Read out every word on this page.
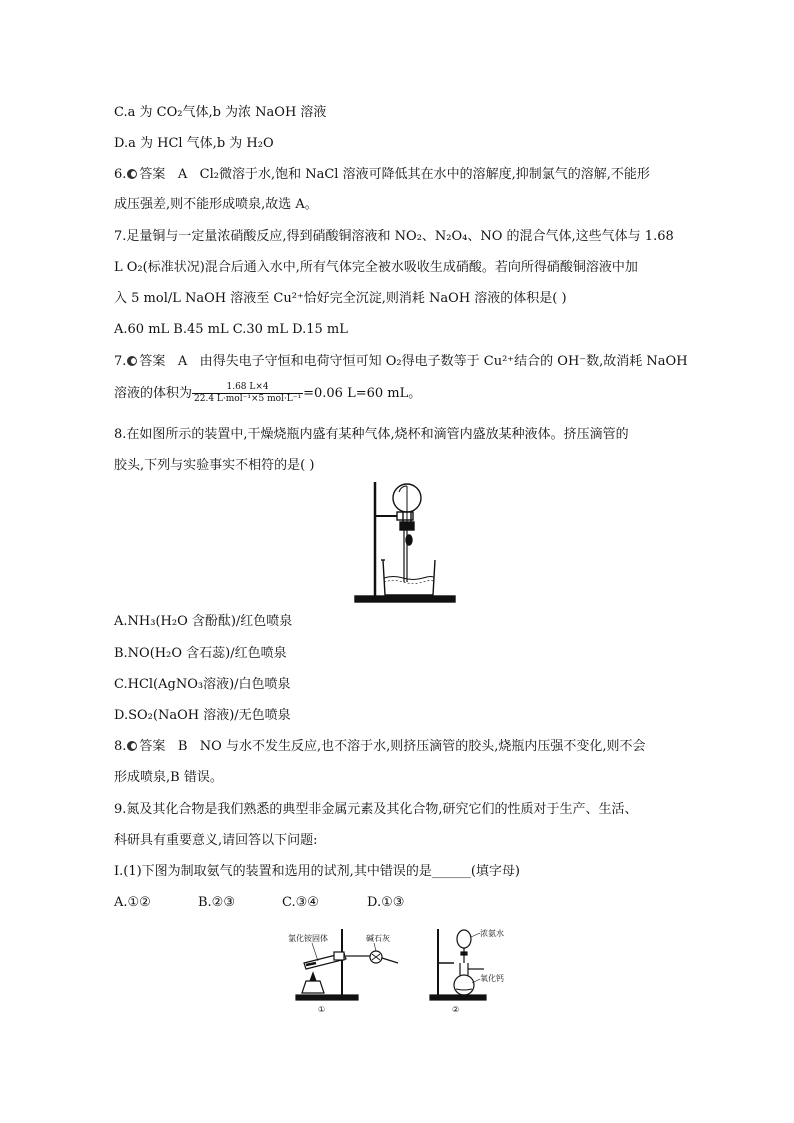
C.a 为 CO₂气体,b 为浓 NaOH 溶液
D.a 为 HCl 气体,b 为 H₂O
6. 答案 A Cl₂微溶于水,饱和 NaCl 溶液可降低其在水中的溶解度,抑制氯气的溶解,不能形
成压强差,则不能形成喷泉,故选 A。
7.足量铜与一定量浓硝酸反应,得到硝酸铜溶液和 NO₂、N₂O₄、NO 的混合气体,这些气体与 1.68
L O₂(标准状况)混合后通入水中,所有气体完全被水吸收生成硝酸。若向所得硝酸铜溶液中加
入 5 mol/L NaOH 溶液至 Cu²⁺恰好完全沉淀,则消耗 NaOH 溶液的体积是( )
A.60 mL B.45 mL C.30 mL D.15 mL
7. 答案 A 由得失电子守恒和电荷守恒可知 O₂得电子数等于 Cu²⁺结合的 OH⁻数,故消耗 NaOH
溶液的体积为 $\frac{1.68 L\times 4}{\text{22.4 L·mol⁻¹×5 mol·L⁻¹}} =0.06$ L=60 mL。
8.在如图所示的装置中,干燥烧瓶内盛有某种气体,烧杯和滴管内盛放某种液体。挤压滴管的
胶头,下列与实验事实不相符的是( )
A.NH₃(H₂O 含酚酞)/红色喷泉
B.NO(H₂O 含石蕊)/红色喷泉
C.HCl(AgNO₃溶液)/白色喷泉
D.SO₂(NaOH 溶液)/无色喷泉
8. 答案 B NO 与水不发生反应,也不溶于水,则挤压滴管的胶头,烧瓶内压强不变化,则不会
形成喷泉,B 错误。
9.氮及其化合物是我们熟悉的典型非金属元素及其化合物,研究它们的性质对于生产、生活、
科研具有重要意义,请回答以下问题:
Ⅰ.(1)下图为制取氨气的装置和选用的试剂,其中错误的是______(填字母)
A.①②	B.②③	C.③④	D.①③
氯化铵固体	碱石灰
①
浓氨水
氧化钙
②
